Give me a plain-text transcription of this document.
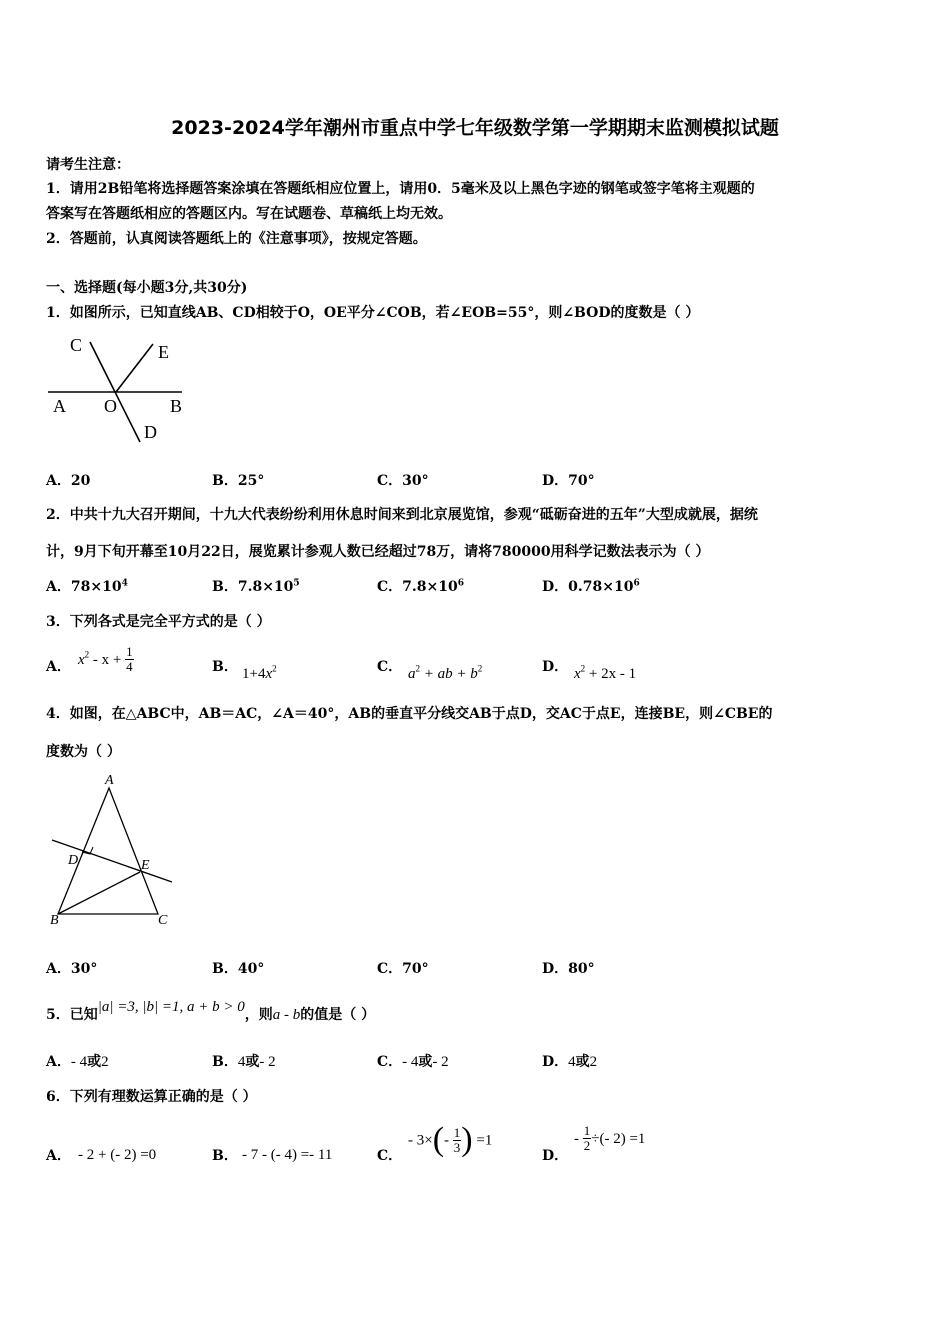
2023-2024学年潮州市重点中学七年级数学第一学期期末监测模拟试题
请考生注意：
1．请用2B铅笔将选择题答案涂填在答题纸相应位置上，请用0．5毫米及以上黑色字迹的钢笔或签字笔将主观题的
答案写在答题纸相应的答题区内。写在试题卷、草稿纸上均无效。
2．答题前，认真阅读答题纸上的《注意事项》，按规定答题。
一、选择题(每小题3分,共30分)
1．如图所示，已知直线AB、CD相较于O，OE平分∠COB，若∠EOB=55°，则∠BOD的度数是（ ）
C	E
A O	B
D
A．20	B．25°	C．30°	D．70°
2．中共十九大召开期间，十九大代表纷纷利用休息时间来到北京展览馆，参观“砥砺奋进的五年”大型成就展，据统
计，9月下旬开幕至10月22日，展览累计参观人数已经超过78万，请将780000用科学记数法表示为（ ）
A．$78\times 10^4$	B．$7.8\times 10^5$	C．$7.8\times 10^6$	D．$0.78\times 10^6$
3．下列各式是完全平方式的是（ ）
A． $x^2 - x + \frac{1}{4}$	B． $1+4x^2$	C． $a^2$ + ab + $b^2$	D． $x^2 + 2x - 1$
4．如图，在△ABC中，AB＝AC，∠A＝40°，AB的垂直平分线交AB于点D，交AC于点E，连接BE，则∠CBE的
度数为（ ）
A
D	E
B	C
A．30°	B．40°	C．70°	D．80°
5．已知|a| =3, |b| =1, a + b > 0，则a - b的值是（ ）
A．- 4或2	B．4或- 2	C．- 4或- 2	D．4或2
6．下列有理数运算正确的是（ ）
A． - 2 + (- 2) =0	B． - 7 - (- 4) =- 11	C．
- $3\times(- \frac{1}{3}$ ) =1
D．
- $\frac{1}{2}$ ÷(- 2) =1
